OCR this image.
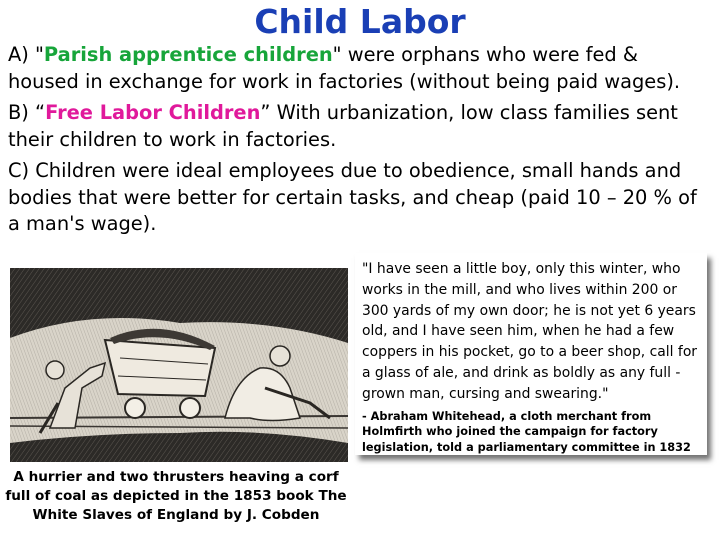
Child Labor

A) "Parish apprentice children" were orphans who were fed & housed in exchange for work in factories (without being paid wages).

B) “Free Labor Children” With urbanization, low class families sent their children to work in factories.

C) Children were ideal employees due to obedience, small hands and bodies that were better for certain tasks, and cheap (paid 10 – 20 % of a man's wage).

A hurrier and two thrusters heaving a corf full of coal as depicted in the 1853 book The White Slaves of England by J. Cobden

"I have seen a little boy, only this winter, who works in the mill, and who lives within 200 or 300 yards of my own door; he is not yet 6 years old, and I have seen him, when he had a few coppers in his pocket, go to a beer shop, call for a glass of ale, and drink as boldly as any full -grown man, cursing and swearing."

- Abraham Whitehead, a cloth merchant from Holmfirth who joined the campaign for factory legislation, told a parliamentary committee in 1832
